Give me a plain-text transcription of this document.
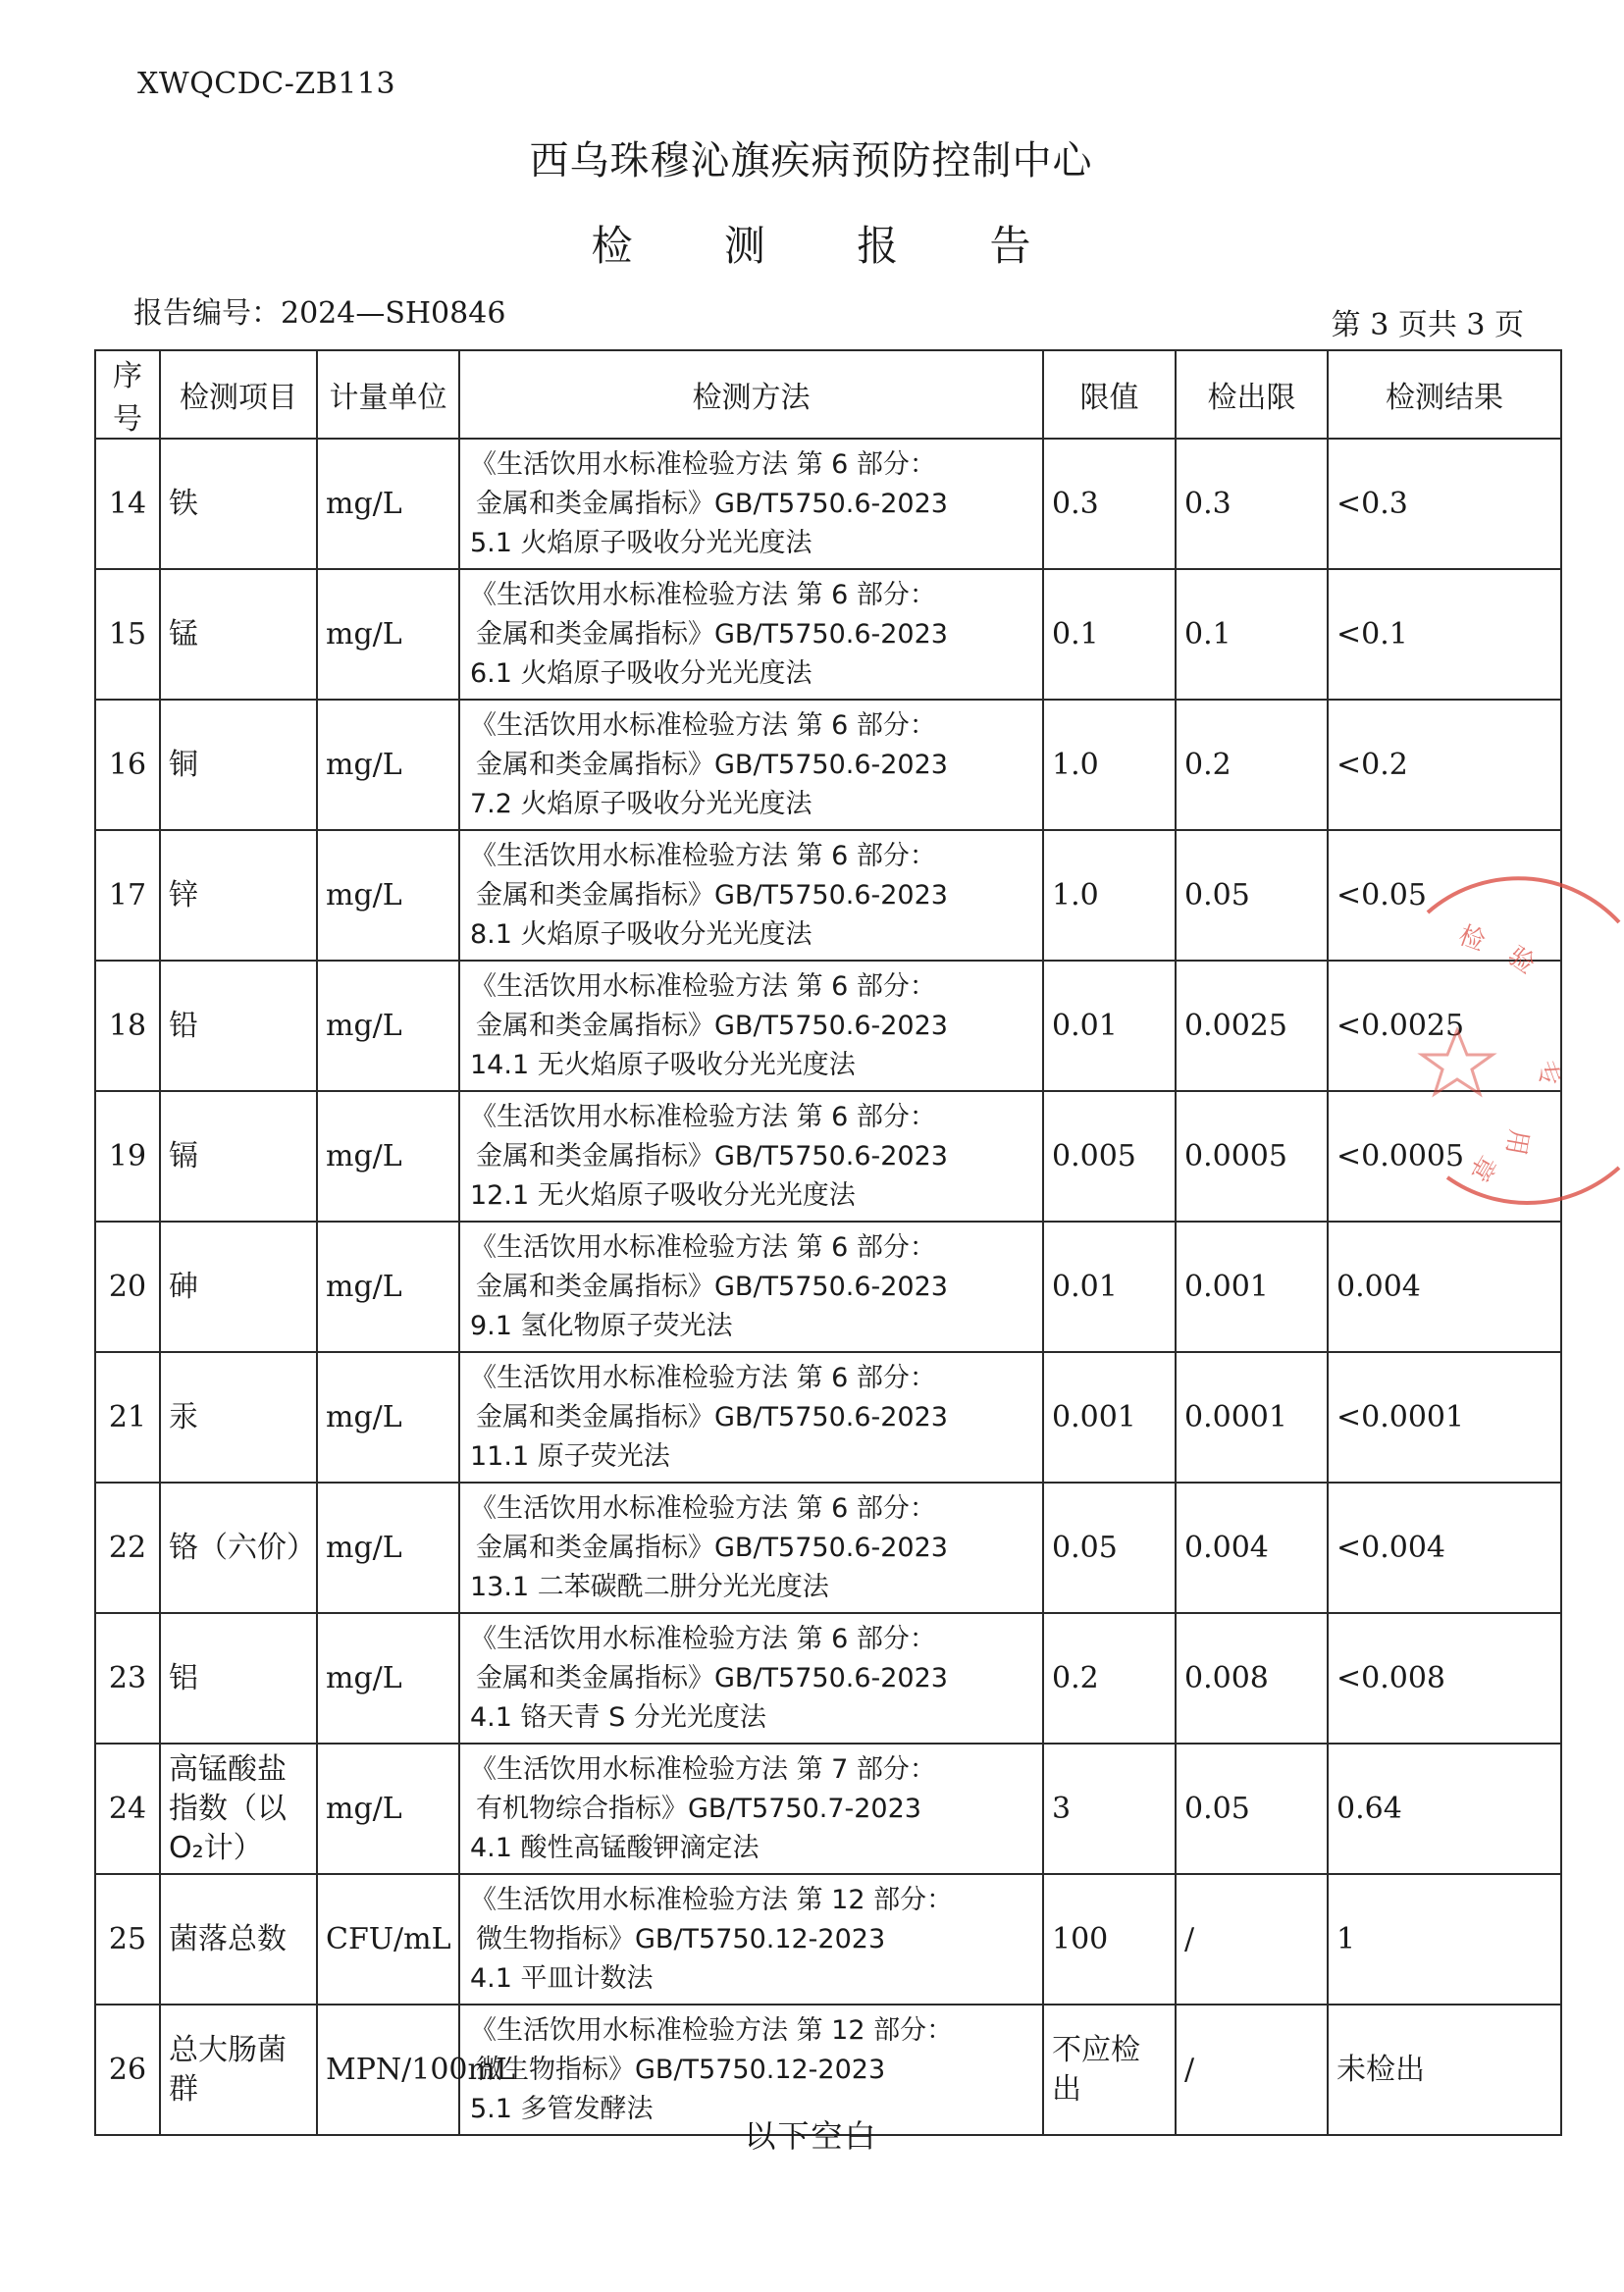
XWQCDC-ZB113
西乌珠穆沁旗疾病预防控制中心
检 测 报 告
报告编号：2024—SH0846	第 3 页共 3 页
序号	检测项目	计量单位	检测方法	限值	检出限	检测结果
14	铁	mg/L	《生活饮用水标准检验方法 第 6 部分：
金属和类金属指标》GB/T5750.6-2023
5.1 火焰原子吸收分光光度法	0.3	0.3	<0.3
15	锰	mg/L	《生活饮用水标准检验方法 第 6 部分：
金属和类金属指标》GB/T5750.6-2023
6.1 火焰原子吸收分光光度法	0.1	0.1	<0.1
16	铜	mg/L	《生活饮用水标准检验方法 第 6 部分：
金属和类金属指标》GB/T5750.6-2023
7.2 火焰原子吸收分光光度法	1.0	0.2	<0.2
17	锌	mg/L	《生活饮用水标准检验方法 第 6 部分：
金属和类金属指标》GB/T5750.6-2023
8.1 火焰原子吸收分光光度法	1.0	0.05	<0.05
18	铅	mg/L	《生活饮用水标准检验方法 第 6 部分：
金属和类金属指标》GB/T5750.6-2023
14.1 无火焰原子吸收分光光度法	0.01	0.0025	<0.0025
19	镉	mg/L	《生活饮用水标准检验方法 第 6 部分：
金属和类金属指标》GB/T5750.6-2023
12.1 无火焰原子吸收分光光度法	0.005	0.0005	<0.0005
20	砷	mg/L	《生活饮用水标准检验方法 第 6 部分：
金属和类金属指标》GB/T5750.6-2023
9.1 氢化物原子荧光法	0.01	0.001	0.004
21	汞	mg/L	《生活饮用水标准检验方法 第 6 部分：
金属和类金属指标》GB/T5750.6-2023
11.1 原子荧光法	0.001	0.0001	<0.0001
22	铬（六价）	mg/L	《生活饮用水标准检验方法 第 6 部分：
金属和类金属指标》GB/T5750.6-2023
13.1 二苯碳酰二肼分光光度法	0.05	0.004	<0.004
23	铝	mg/L	《生活饮用水标准检验方法 第 6 部分：
金属和类金属指标》GB/T5750.6-2023
4.1 铬天青 S 分光光度法	0.2	0.008	<0.008
24	高锰酸盐指数（以O₂计）	mg/L	《生活饮用水标准检验方法 第 7 部分：
有机物综合指标》GB/T5750.7-2023
4.1 酸性高锰酸钾滴定法	3	0.05	0.64
25	菌落总数	CFU/mL	《生活饮用水标准检验方法 第 12 部分：
微生物指标》GB/T5750.12-2023
4.1 平皿计数法	100	/	1
26	总大肠菌群	MPN/100mL	《生活饮用水标准检验方法 第 12 部分：
微生物指标》GB/T5750.12-2023
5.1 多管发酵法	不应检出	/	未检出
以下空白
检
验
专
用
章
